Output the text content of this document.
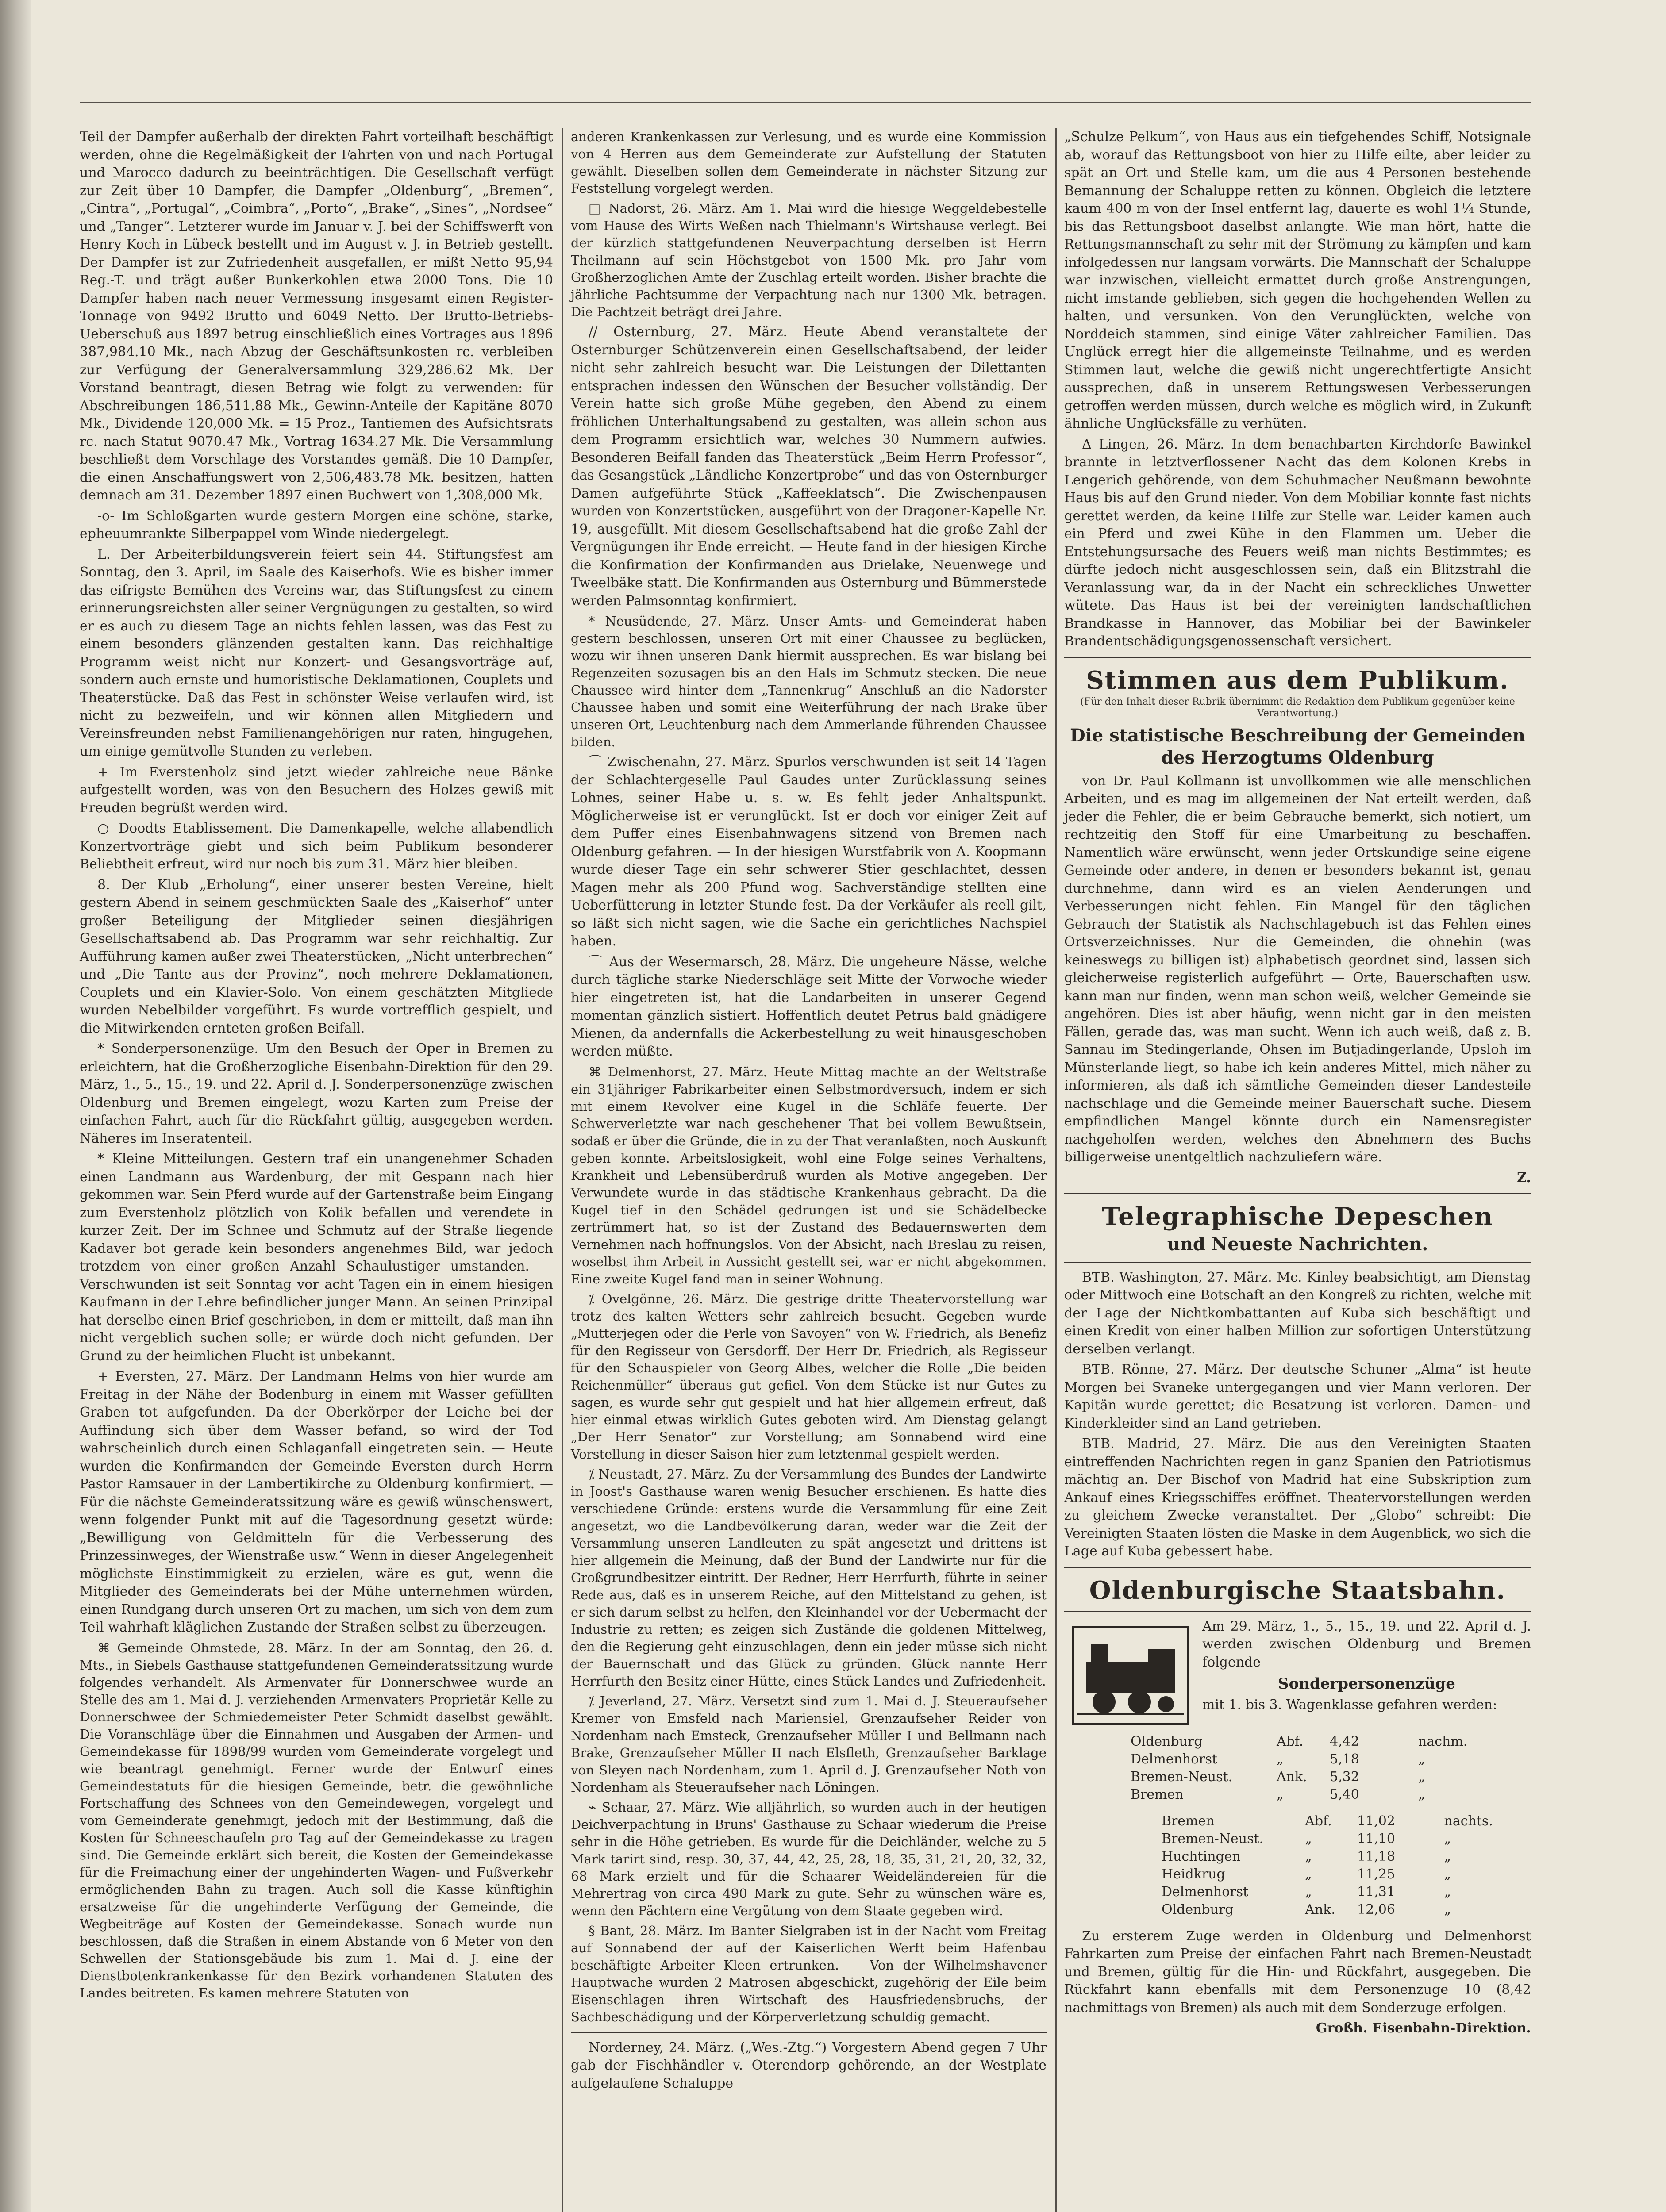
Teil der Dampfer außerhalb der direkten Fahrt vorteilhaft beschäftigt werden, ohne die Regelmäßigkeit der Fahrten von und nach Portugal und Marocco dadurch zu beeinträchtigen. Die Gesellschaft verfügt zur Zeit über 10 Dampfer, die Dampfer „Oldenburg“, „Bremen“, „Cintra“, „Portugal“, „Coimbra“, „Porto“, „Brake“, „Sines“, „Nordsee“ und „Tanger“. Letzterer wurde im Januar v. J. bei der Schiffswerft von Henry Koch in Lübeck bestellt und im August v. J. in Betrieb gestellt. Der Dampfer ist zur Zufriedenheit ausgefallen, er mißt Netto 95,94 Reg.-T. und trägt außer Bunkerkohlen etwa 2000 Tons. Die 10 Dampfer haben nach neuer Vermessung insgesamt einen Register-Tonnage von 9492 Brutto und 6049 Netto. Der Brutto-Betriebs-Ueberschuß aus 1897 betrug einschließlich eines Vortrages aus 1896 387,984.10 Mk., nach Abzug der Geschäftsunkosten rc. verbleiben zur Verfügung der Generalversammlung 329,286.62 Mk. Der Vorstand beantragt, diesen Betrag wie folgt zu verwenden: für Abschreibungen 186,511.88 Mk., Gewinn-Anteile der Kapitäne 8070 Mk., Dividende 120,000 Mk. = 15 Proz., Tantiemen des Aufsichtsrats rc. nach Statut 9070.47 Mk., Vortrag 1634.27 Mk. Die Versammlung beschließt dem Vorschlage des Vorstandes gemäß. Die 10 Dampfer, die einen Anschaffungswert von 2,506,483.78 Mk. besitzen, hatten demnach am 31. Dezember 1897 einen Buchwert von 1,308,000 Mk.

-o- Im Schloßgarten wurde gestern Morgen eine schöne, starke, epheuumrankte Silberpappel vom Winde niedergelegt.

L. Der Arbeiterbildungsverein feiert sein 44. Stiftungsfest am Sonntag, den 3. April, im Saale des Kaiserhofs. Wie es bisher immer das eifrigste Bemühen des Vereins war, das Stiftungsfest zu einem erinnerungsreichsten aller seiner Vergnügungen zu gestalten, so wird er es auch zu diesem Tage an nichts fehlen lassen, was das Fest zu einem besonders glänzenden gestalten kann. Das reichhaltige Programm weist nicht nur Konzert- und Gesangsvorträge auf, sondern auch ernste und humoristische Deklamationen, Couplets und Theaterstücke. Daß das Fest in schönster Weise verlaufen wird, ist nicht zu bezweifeln, und wir können allen Mitgliedern und Vereinsfreunden nebst Familienangehörigen nur raten, hingugehen, um einige gemütvolle Stunden zu verleben.

+ Im Everstenholz sind jetzt wieder zahlreiche neue Bänke aufgestellt worden, was von den Besuchern des Holzes gewiß mit Freuden begrüßt werden wird.

○ Doodts Etablissement. Die Damenkapelle, welche allabendlich Konzertvorträge giebt und sich beim Publikum besonderer Beliebtheit erfreut, wird nur noch bis zum 31. März hier bleiben.

8. Der Klub „Erholung“, einer unserer besten Vereine, hielt gestern Abend in seinem geschmückten Saale des „Kaiserhof“ unter großer Beteiligung der Mitglieder seinen diesjährigen Gesellschaftsabend ab. Das Programm war sehr reichhaltig. Zur Aufführung kamen außer zwei Theaterstücken, „Nicht unterbrechen“ und „Die Tante aus der Provinz“, noch mehrere Deklamationen, Couplets und ein Klavier-Solo. Von einem geschätzten Mitgliede wurden Nebelbilder vorgeführt. Es wurde vortrefflich gespielt, und die Mitwirkenden ernteten großen Beifall.

* Sonderpersonenzüge. Um den Besuch der Oper in Bremen zu erleichtern, hat die Großherzogliche Eisenbahn-Direktion für den 29. März, 1., 5., 15., 19. und 22. April d. J. Sonderpersonenzüge zwischen Oldenburg und Bremen eingelegt, wozu Karten zum Preise der einfachen Fahrt, auch für die Rückfahrt gültig, ausgegeben werden. Näheres im Inseratenteil.

* Kleine Mitteilungen. Gestern traf ein unangenehmer Schaden einen Landmann aus Wardenburg, der mit Gespann nach hier gekommen war. Sein Pferd wurde auf der Gartenstraße beim Eingang zum Everstenholz plötzlich von Kolik befallen und verendete in kurzer Zeit. Der im Schnee und Schmutz auf der Straße liegende Kadaver bot gerade kein besonders angenehmes Bild, war jedoch trotzdem von einer großen Anzahl Schaulustiger umstanden. — Verschwunden ist seit Sonntag vor acht Tagen ein in einem hiesigen Kaufmann in der Lehre befindlicher junger Mann. An seinen Prinzipal hat derselbe einen Brief geschrieben, in dem er mitteilt, daß man ihn nicht vergeblich suchen solle; er würde doch nicht gefunden. Der Grund zu der heimlichen Flucht ist unbekannt.

+ Eversten, 27. März. Der Landmann Helms von hier wurde am Freitag in der Nähe der Bodenburg in einem mit Wasser gefüllten Graben tot aufgefunden. Da der Oberkörper der Leiche bei der Auffindung sich über dem Wasser befand, so wird der Tod wahrscheinlich durch einen Schlaganfall eingetreten sein. — Heute wurden die Konfirmanden der Gemeinde Eversten durch Herrn Pastor Ramsauer in der Lambertikirche zu Oldenburg konfirmiert. — Für die nächste Gemeinderatssitzung wäre es gewiß wünschenswert, wenn folgender Punkt mit auf die Tagesordnung gesetzt würde: „Bewilligung von Geldmitteln für die Verbesserung des Prinzessinweges, der Wienstraße usw.“ Wenn in dieser Angelegenheit möglichste Einstimmigkeit zu erzielen, wäre es gut, wenn die Mitglieder des Gemeinderats bei der Mühe unternehmen würden, einen Rundgang durch unseren Ort zu machen, um sich von dem zum Teil wahrhaft kläglichen Zustande der Straßen selbst zu überzeugen.

⌘ Gemeinde Ohmstede, 28. März. In der am Sonntag, den 26. d. Mts., in Siebels Gasthause stattgefundenen Gemeinderatssitzung wurde folgendes verhandelt. Als Armenvater für Donnerschwee wurde an Stelle des am 1. Mai d. J. verziehenden Armenvaters Proprietär Kelle zu Donnerschwee der Schmiedemeister Peter Schmidt daselbst gewählt. Die Voranschläge über die Einnahmen und Ausgaben der Armen- und Gemeindekasse für 1898/99 wurden vom Gemeinderate vorgelegt und wie beantragt genehmigt. Ferner wurde der Entwurf eines Gemeindestatuts für die hiesigen Gemeinde, betr. die gewöhnliche Fortschaffung des Schnees von den Gemeindewegen, vorgelegt und vom Gemeinderate genehmigt, jedoch mit der Bestimmung, daß die Kosten für Schneeschaufeln pro Tag auf der Gemeindekasse zu tragen sind. Die Gemeinde erklärt sich bereit, die Kosten der Gemeindekasse für die Freimachung einer der ungehinderten Wagen- und Fußverkehr ermöglichenden Bahn zu tragen. Auch soll die Kasse künftighin ersatzweise für die ungehinderte Verfügung der Gemeinde, die Wegbeiträge auf Kosten der Gemeindekasse. Sonach wurde nun beschlossen, daß die Straßen in einem Abstande von 6 Meter von den Schwellen der Stationsgebäude bis zum 1. Mai d. J. eine der Dienstbotenkrankenkasse für den Bezirk vorhandenen Statuten des Landes beitreten. Es kamen mehrere Statuten von

anderen Krankenkassen zur Verlesung, und es wurde eine Kommission von 4 Herren aus dem Gemeinderate zur Aufstellung der Statuten gewählt. Dieselben sollen dem Gemeinderate in nächster Sitzung zur Feststellung vorgelegt werden.

□ Nadorst, 26. März. Am 1. Mai wird die hiesige Weggeldebestelle vom Hause des Wirts Weßen nach Thielmann's Wirtshause verlegt. Bei der kürzlich stattgefundenen Neuverpachtung derselben ist Herrn Theilmann auf sein Höchstgebot von 1500 Mk. pro Jahr vom Großherzoglichen Amte der Zuschlag erteilt worden. Bisher brachte die jährliche Pachtsumme der Verpachtung nach nur 1300 Mk. betragen. Die Pachtzeit beträgt drei Jahre.

// Osternburg, 27. März. Heute Abend veranstaltete der Osternburger Schützenverein einen Gesellschaftsabend, der leider nicht sehr zahlreich besucht war. Die Leistungen der Dilettanten entsprachen indessen den Wünschen der Besucher vollständig. Der Verein hatte sich große Mühe gegeben, den Abend zu einem fröhlichen Unterhaltungsabend zu gestalten, was allein schon aus dem Programm ersichtlich war, welches 30 Nummern aufwies. Besonderen Beifall fanden das Theaterstück „Beim Herrn Professor“, das Gesangstück „Ländliche Konzertprobe“ und das von Osternburger Damen aufgeführte Stück „Kaffeeklatsch“. Die Zwischenpausen wurden von Konzertstücken, ausgeführt von der Dragoner-Kapelle Nr. 19, ausgefüllt. Mit diesem Gesellschaftsabend hat die große Zahl der Vergnügungen ihr Ende erreicht. — Heute fand in der hiesigen Kirche die Konfirmation der Konfirmanden aus Drielake, Neuenwege und Tweelbäke statt. Die Konfirmanden aus Osternburg und Bümmerstede werden Palmsonntag konfirmiert.

* Neusüdende, 27. März. Unser Amts- und Gemeinderat haben gestern beschlossen, unseren Ort mit einer Chaussee zu beglücken, wozu wir ihnen unseren Dank hiermit aussprechen. Es war bislang bei Regenzeiten sozusagen bis an den Hals im Schmutz stecken. Die neue Chaussee wird hinter dem „Tannenkrug“ Anschluß an die Nadorster Chaussee haben und somit eine Weiterführung der nach Brake über unseren Ort, Leuchtenburg nach dem Ammerlande führenden Chaussee bilden.

⌒ Zwischenahn, 27. März. Spurlos verschwunden ist seit 14 Tagen der Schlachtergeselle Paul Gaudes unter Zurücklassung seines Lohnes, seiner Habe u. s. w. Es fehlt jeder Anhaltspunkt. Möglicherweise ist er verunglückt. Ist er doch vor einiger Zeit auf dem Puffer eines Eisenbahnwagens sitzend von Bremen nach Oldenburg gefahren. — In der hiesigen Wurstfabrik von A. Koopmann wurde dieser Tage ein sehr schwerer Stier geschlachtet, dessen Magen mehr als 200 Pfund wog. Sachverständige stellten eine Ueberfütterung in letzter Stunde fest. Da der Verkäufer als reell gilt, so läßt sich nicht sagen, wie die Sache ein gerichtliches Nachspiel haben.

⌒ Aus der Wesermarsch, 28. März. Die ungeheure Nässe, welche durch tägliche starke Niederschläge seit Mitte der Vorwoche wieder hier eingetreten ist, hat die Landarbeiten in unserer Gegend momentan gänzlich sistiert. Hoffentlich deutet Petrus bald gnädigere Mienen, da andernfalls die Ackerbestellung zu weit hinausgeschoben werden müßte.

⌘ Delmenhorst, 27. März. Heute Mittag machte an der Weltstraße ein 31jähriger Fabrikarbeiter einen Selbstmordversuch, indem er sich mit einem Revolver eine Kugel in die Schläfe feuerte. Der Schwerverletzte war nach geschehener That bei vollem Bewußtsein, sodaß er über die Gründe, die in zu der That veranlaßten, noch Auskunft geben konnte. Arbeitslosigkeit, wohl eine Folge seines Verhaltens, Krankheit und Lebensüberdruß wurden als Motive angegeben. Der Verwundete wurde in das städtische Krankenhaus gebracht. Da die Kugel tief in den Schädel gedrungen ist und sie Schädelbecke zertrümmert hat, so ist der Zustand des Bedauernswerten dem Vernehmen nach hoffnungslos. Von der Absicht, nach Breslau zu reisen, woselbst ihm Arbeit in Aussicht gestellt sei, war er nicht abgekommen. Eine zweite Kugel fand man in seiner Wohnung.

⁒ Ovelgönne, 26. März. Die gestrige dritte Theatervorstellung war trotz des kalten Wetters sehr zahlreich besucht. Gegeben wurde „Mutterjegen oder die Perle von Savoyen“ von W. Friedrich, als Benefiz für den Regisseur von Gersdorff. Der Herr Dr. Friedrich, als Regisseur für den Schauspieler von Georg Albes, welcher die Rolle „Die beiden Reichenmüller“ überaus gut gefiel. Von dem Stücke ist nur Gutes zu sagen, es wurde sehr gut gespielt und hat hier allgemein erfreut, daß hier einmal etwas wirklich Gutes geboten wird. Am Dienstag gelangt „Der Herr Senator“ zur Vorstellung; am Sonnabend wird eine Vorstellung in dieser Saison hier zum letztenmal gespielt werden.

⁒ Neustadt, 27. März. Zu der Versammlung des Bundes der Landwirte in Joost's Gasthause waren wenig Besucher erschienen. Es hatte dies verschiedene Gründe: erstens wurde die Versammlung für eine Zeit angesetzt, wo die Landbevölkerung daran, weder war die Zeit der Versammlung unseren Landleuten zu spät angesetzt und drittens ist hier allgemein die Meinung, daß der Bund der Landwirte nur für die Großgrundbesitzer eintritt. Der Redner, Herr Herrfurth, führte in seiner Rede aus, daß es in unserem Reiche, auf den Mittelstand zu gehen, ist er sich darum selbst zu helfen, den Kleinhandel vor der Uebermacht der Industrie zu retten; es zeigen sich Zustände die goldenen Mittelweg, den die Regierung geht einzuschlagen, denn ein jeder müsse sich nicht der Bauernschaft und das Glück zu gründen. Glück nannte Herr Herrfurth den Besitz einer Hütte, eines Stück Landes und Zufriedenheit.

⁒ Jeverland, 27. März. Versetzt sind zum 1. Mai d. J. Steueraufseher Kremer von Emsfeld nach Mariensiel, Grenzaufseher Reider von Nordenham nach Emsteck, Grenzaufseher Müller I und Bellmann nach Brake, Grenzaufseher Müller II nach Elsfleth, Grenzaufseher Barklage von Sleyen nach Nordenham, zum 1. April d. J. Grenzaufseher Noth von Nordenham als Steueraufseher nach Löningen.

⌁ Schaar, 27. März. Wie alljährlich, so wurden auch in der heutigen Deichverpachtung in Bruns' Gasthause zu Schaar wiederum die Preise sehr in die Höhe getrieben. Es wurde für die Deichländer, welche zu 5 Mark tarirt sind, resp. 30, 37, 44, 42, 25, 28, 18, 35, 31, 21, 20, 32, 32, 68 Mark erzielt und für die Schaarer Weideländereien für die Mehrertrag von circa 490 Mark zu gute. Sehr zu wünschen wäre es, wenn den Pächtern eine Vergütung von dem Staate gegeben wird.

§ Bant, 28. März. Im Banter Sielgraben ist in der Nacht vom Freitag auf Sonnabend der auf der Kaiserlichen Werft beim Hafenbau beschäftigte Arbeiter Kleen ertrunken. — Von der Wilhelmshavener Hauptwache wurden 2 Matrosen abgeschickt, zugehörig der Eile beim Eisenschlagen ihren Wirtschaft des Hausfriedensbruchs, der Sachbeschädigung und der Körperverletzung schuldig gemacht.

Norderney, 24. März. („Wes.-Ztg.“) Vorgestern Abend gegen 7 Uhr gab der Fischhändler v. Oterendorp gehörende, an der Westplate aufgelaufene Schaluppe

„Schulze Pelkum“, von Haus aus ein tiefgehendes Schiff, Notsignale ab, worauf das Rettungsboot von hier zu Hilfe eilte, aber leider zu spät an Ort und Stelle kam, um die aus 4 Personen bestehende Bemannung der Schaluppe retten zu können. Obgleich die letztere kaum 400 m von der Insel entfernt lag, dauerte es wohl 1¼ Stunde, bis das Rettungsboot daselbst anlangte. Wie man hört, hatte die Rettungsmannschaft zu sehr mit der Strömung zu kämpfen und kam infolgedessen nur langsam vorwärts. Die Mannschaft der Schaluppe war inzwischen, vielleicht ermattet durch große Anstrengungen, nicht imstande geblieben, sich gegen die hochgehenden Wellen zu halten, und versunken. Von den Verunglückten, welche von Norddeich stammen, sind einige Väter zahlreicher Familien. Das Unglück erregt hier die allgemeinste Teilnahme, und es werden Stimmen laut, welche die gewiß nicht ungerechtfertigte Ansicht aussprechen, daß in unserem Rettungswesen Verbesserungen getroffen werden müssen, durch welche es möglich wird, in Zukunft ähnliche Unglücksfälle zu verhüten.

Δ Lingen, 26. März. In dem benachbarten Kirchdorfe Bawinkel brannte in letztverflossener Nacht das dem Kolonen Krebs in Lengerich gehörende, von dem Schuhmacher Neußmann bewohnte Haus bis auf den Grund nieder. Von dem Mobiliar konnte fast nichts gerettet werden, da keine Hilfe zur Stelle war. Leider kamen auch ein Pferd und zwei Kühe in den Flammen um. Ueber die Entstehungsursache des Feuers weiß man nichts Bestimmtes; es dürfte jedoch nicht ausgeschlossen sein, daß ein Blitzstrahl die Veranlassung war, da in der Nacht ein schreckliches Unwetter wütete. Das Haus ist bei der vereinigten landschaftlichen Brandkasse in Hannover, das Mobiliar bei der Bawinkeler Brandentschädigungsgenossenschaft versichert.

Stimmen aus dem Publikum.
(Für den Inhalt dieser Rubrik übernimmt die Redaktion dem Publikum gegenüber keine Verantwortung.)
Die statistische Beschreibung der Gemeinden des Herzogtums Oldenburg

von Dr. Paul Kollmann ist unvollkommen wie alle menschlichen Arbeiten, und es mag im allgemeinen der Nat erteilt werden, daß jeder die Fehler, die er beim Gebrauche bemerkt, sich notiert, um rechtzeitig den Stoff für eine Umarbeitung zu beschaffen. Namentlich wäre erwünscht, wenn jeder Ortskundige seine eigene Gemeinde oder andere, in denen er besonders bekannt ist, genau durchnehme, dann wird es an vielen Aenderungen und Verbesserungen nicht fehlen. Ein Mangel für den täglichen Gebrauch der Statistik als Nachschlagebuch ist das Fehlen eines Ortsverzeichnisses. Nur die Gemeinden, die ohnehin (was keineswegs zu billigen ist) alphabetisch geordnet sind, lassen sich gleicherweise registerlich aufgeführt — Orte, Bauerschaften usw. kann man nur finden, wenn man schon weiß, welcher Gemeinde sie angehören. Dies ist aber häufig, wenn nicht gar in den meisten Fällen, gerade das, was man sucht. Wenn ich auch weiß, daß z. B. Sannau im Stedingerlande, Ohsen im Butjadingerlande, Upsloh im Münsterlande liegt, so habe ich kein anderes Mittel, mich näher zu informieren, als daß ich sämtliche Gemeinden dieser Landesteile nachschlage und die Gemeinde meiner Bauerschaft suche. Diesem empfindlichen Mangel könnte durch ein Namensregister nachgeholfen werden, welches den Abnehmern des Buchs billigerweise unentgeltlich nachzuliefern wäre.

Z.

Telegraphische Depeschen
und Neueste Nachrichten.

BTB. Washington, 27. März. Mc. Kinley beabsichtigt, am Dienstag oder Mittwoch eine Botschaft an den Kongreß zu richten, welche mit der Lage der Nichtkombattanten auf Kuba sich beschäftigt und einen Kredit von einer halben Million zur sofortigen Unterstützung derselben verlangt.

BTB. Rönne, 27. März. Der deutsche Schuner „Alma“ ist heute Morgen bei Svaneke untergegangen und vier Mann verloren. Der Kapitän wurde gerettet; die Besatzung ist verloren. Damen- und Kinderkleider sind an Land getrieben.

BTB. Madrid, 27. März. Die aus den Vereinigten Staaten eintreffenden Nachrichten regen in ganz Spanien den Patriotismus mächtig an. Der Bischof von Madrid hat eine Subskription zum Ankauf eines Kriegsschiffes eröffnet. Theatervorstellungen werden zu gleichem Zwecke veranstaltet. Der „Globo“ schreibt: Die Vereinigten Staaten lösten die Maske in dem Augenblick, wo sich die Lage auf Kuba gebessert habe.

Oldenburgische Staatsbahn.

Am 29. März, 1., 5., 15., 19. und 22. April d. J. werden zwischen Oldenburg und Bremen folgende

Sonderpersonenzüge

mit 1. bis 3. Wagenklasse gefahren werden:

Oldenburg	Abf.	4,42	nachm.
Delmenhorst	„	5,18	„
Bremen-Neust.	Ank.	5,32	„
Bremen	„	5,40	„
Bremen	Abf.	11,02	nachts.
Bremen-Neust.	„	11,10	„
Huchtingen	„	11,18	„
Heidkrug	„	11,25	„
Delmenhorst	„	11,31	„
Oldenburg	Ank.	12,06	„

Zu ersterem Zuge werden in Oldenburg und Delmenhorst Fahrkarten zum Preise der einfachen Fahrt nach Bremen-Neustadt und Bremen, gültig für die Hin- und Rückfahrt, ausgegeben. Die Rückfahrt kann ebenfalls mit dem Personenzuge 10 (8,42 nachmittags von Bremen) als auch mit dem Sonderzuge erfolgen.

Großh. Eisenbahn-Direktion.
